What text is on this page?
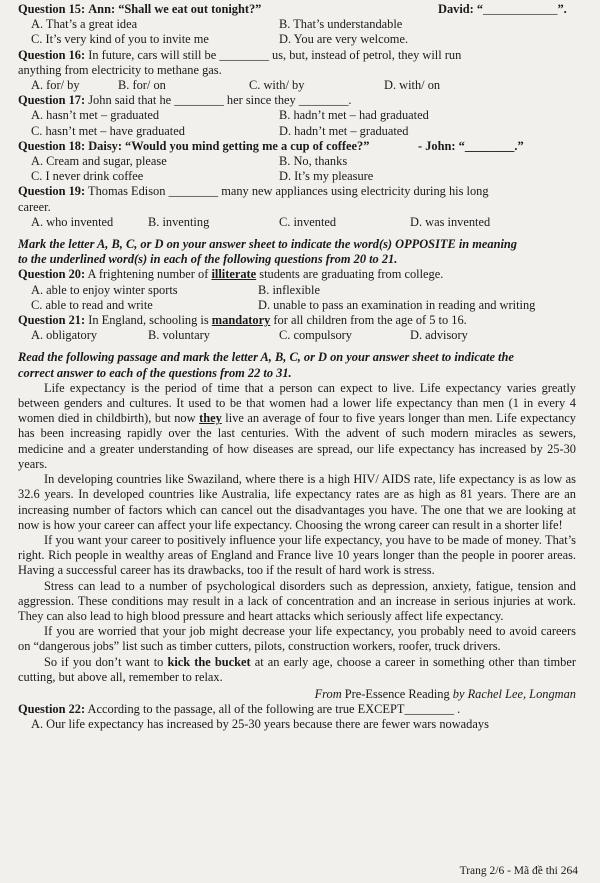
Question 15: Ann: “Shall we eat out tonight?”	David: “____________”.
A. That’s a great idea	B. That’s understandable
C. It’s very kind of you to invite me	D. You are very welcome.
Question 16: In future, cars will still be ________ us, but, instead of petrol, they will run
anything from electricity to methane gas.
A. for/ by	B. for/ on	C. with/ by	D. with/ on
Question 17: John said that he ________ her since they ________.
A. hasn’t met – graduated	B. hadn’t met – had graduated
C. hasn’t met – have graduated	D. hadn’t met – graduated
Question 18: Daisy: “Would you mind getting me a cup of coffee?”	- John: “________.”
A. Cream and sugar, please	B. No, thanks
C. I never drink coffee	D. It’s my pleasure
Question 19: Thomas Edison ________ many new appliances using electricity during his long
career.
A. who invented	B. inventing	C. invented	D. was invented
Mark the letter A, B, C, or D on your answer sheet to indicate the word(s) OPPOSITE in meaning
to the underlined word(s) in each of the following questions from 20 to 21.
Question 20: A frightening number of illiterate students are graduating from college.
A. able to enjoy winter sports	B. inflexible
C. able to read and write	D. unable to pass an examination in reading and writing
Question 21: In England, schooling is mandatory for all children from the age of 5 to 16.
A. obligatory	B. voluntary	C. compulsory	D. advisory
Read the following passage and mark the letter A, B, C, or D on your answer sheet to indicate the
correct answer to each of the questions from 22 to 31.

Life expectancy is the period of time that a person can expect to live. Life expectancy varies greatly between genders and cultures. It used to be that women had a lower life expectancy than men (1 in every 4 women died in childbirth), but now they live an average of four to five years longer than men. Life expectancy has been increasing rapidly over the last centuries. With the advent of such modern miracles as sewers, medicine and a greater understanding of how diseases are spread, our life expectancy has increased by 25-30 years.

In developing countries like Swaziland, where there is a high HIV/ AIDS rate, life expectancy is as low as 32.6 years. In developed countries like Australia, life expectancy rates are as high as 81 years. There are an increasing number of factors which can cancel out the disadvantages you have. The one that we are looking at now is how your career can affect your life expectancy. Choosing the wrong career can result in a shorter life!

If you want your career to positively influence your life expectancy, you have to be made of money. That’s right. Rich people in wealthy areas of England and France live 10 years longer than the people in poorer areas. Having a successful career has its drawbacks, too if the result of hard work is stress.

Stress can lead to a number of psychological disorders such as depression, anxiety, fatigue, tension and aggression. These conditions may result in a lack of concentration and an increase in serious injuries at work. They can also lead to high blood pressure and heart attacks which seriously affect life expectancy.

If you are worried that your job might decrease your life expectancy, you probably need to avoid careers on “dangerous jobs” list such as timber cutters, pilots, construction workers, roofer, truck drivers.

So if you don’t want to kick the bucket at an early age, choose a career in something other than timber cutting, but above all, remember to relax.

From Pre-Essence Reading by Rachel Lee, Longman
Question 22: According to the passage, all of the following are true EXCEPT________ .
A. Our life expectancy has increased by 25-30 years because there are fewer wars nowadays
Trang 2/6 - Mã đề thi 264
